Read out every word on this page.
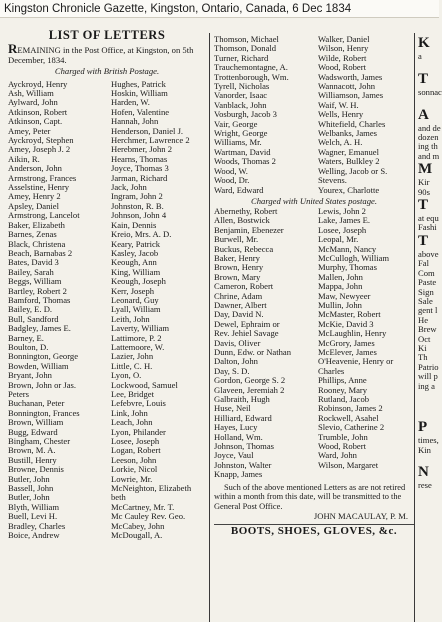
Kingston Chronicle Gazette, Kingston, Ontario, Canada, 6 Dec 1834
LIST OF LETTERS
REMAINING in the Post Office, at Kingston, on 5th December, 1834.
Charged with British Postage.
Ayckroyd, Henry	Hughes, Patrick
Ash, William	Hoskin, William
Aylward, John	Harden, W.
Atkinson, Robert	Hofen, Valentine
Atkinson, Capt.	Hannah, John
Amey, Peter	Henderson, Daniel J.
Ayckroyd, Stephen	Herchmer, Lawrence 2
Amey, Joseph J. 2	Herebmer, John 2
Aikin, R.	Hearns, Thomas
Anderson, John	Joyce, Thomas 3
Armstrong, Frances	Jarman, Richard
Asselstine, Henry	Jack, John
Amey, Henry 2	Ingram, John 2
Apsley, Daniel	Johnston, R. B.
Armstrong, Lancelot	Johnson, John 4
Baker, Elizabeth	Kain, Dennis
Barnes, Zenas	Kreio, Mrs. A. D.
Black, Christena	Keary, Patrick
Beach, Barnabas 2	Kasley, Jacob
Bates, David 3	Keough, Ann
Bailey, Sarah	King, William
Beggs, William	Keough, Joseph
Bartley, Robert 2	Kerr, Joseph
Bamford, Thomas	Leonard, Guy
Bailey, E. D.	Lyall, William
Bull, Sandford	Leith, John
Badgley, James E.	Laverty, William
Barney, E.	Lattimore, P. 2
Boulton, D.	Lattemoore, W.
Bonnington, George	Lazier, John
Bowden, William	Little, C. H.
Bryant, John	Lyon, O.
Brown, John or Jas.	Lockwood, Samuel
Peters	Lee, Bridget
Buchanan, Peter	Lefebvre, Louis
Bonnington, Frances	Link, John
Brown, William	Leach, John
Bugg, Edward	Lyon, Philander
Bingham, Chester	Losee, Joseph
Brown, M. A.	Logan, Robert
Bustill, Henry	Leeson, John
Browne, Dennis	Lorkie, Nicol
Butler, John	Lowrie, Mr.
Bassell, John	McNeighton, Elizabeth
Butler, John	beth
Blyth, William	McCartney, Mr. T.
Buell, Levi H.	Mc Cauley Rev. Geo.
Bradley, Charles	McCabey, John
Boice, Andrew	McDougall, A.
Thomson, Michael	Walker, Daniel
Thomson, Donald	Wilson, Henry
Turner, Richard	Wilde, Robert
Trauchemontagne, A.	Wood, Robert
Trottenborough, Wm.	Wadsworth, James
Tyrell, Nicholas	Wannacott, John
Vanorder, Isaac	Williamson, James
Vanblack, John	Waif, W. H.
Vosburgh, Jacob 3	Wells, Henry
Vair, George	Whitefield, Charles
Wright, George	Welbanks, James
Williams, Mr.	Welch, A. H.
Wartman, David	Wagner, Emanuel
Woods, Thomas 2	Waters, Bulkley 2
Wood, W.	Welling, Jacob or S.
Wood, Dr.	Stevens.
Ward, Edward	Yourex, Charlotte
Charged with United States postage.
Abernethy, Robert	Lewis, John 2
Allen, Bostwick	Lake, James E.
Benjamin, Ebenezer	Losee, Joseph
Burwell, Mr.	Leopal, Mr.
Buckus, Rebecca	McMann, Nancy
Baker, Henry	McCullogh, William
Brown, Henry	Murphy, Thomas
Brown, Mary	Mallen, John
Cameron, Robert	Mappa, John
Chrine, Adam	Maw, Newyeer
Dawner, Albert	Mullin, John
Day, David N.	McMaster, Robert
Dewel, Ephraim or	McKie, David 3
Rev. Jehiel Savage	McLaughlin, Henry
Davis, Oliver	McGrory, James
Dunn, Edw. or Nathan	McElever, James
Dalton, John	O'Heavenie, Henry or
Day, S. D.	Charles
Gordon, George S. 2	Phillips, Anne
Glaveen, Jeremiah 2	Rooney, Mary
Galbraith, Hugh	Rutland, Jacob
Huse, Neil	Robinson, James 2
Hilliard, Edward	Rockwell, Asahel
Hayes, Lucy	Slevio, Catherine 2
Holland, Wm.	Trumble, John
Johnson, Thomas	Wood, Robert
Joyce, Vaul	Ward, John
Johnston, Walter	Wilson, Margaret
Knapp, James
Such of the above mentioned Letters as are not retired within a month from this date, will be transmitted to the General Post Office.
JOHN MACAULAY, P. M.
BOOTS, SHOES, GLOVES, &c.
K
a
T
sonnac
A
and de
dozen
ing th
and m
M
Kir
90s
T
at equ
Fashi
T
above
Fal
Com
Paste
Sign
Sale
gent l
He
Brew
Oct
Ki
Th
Patrio
will p
ing a
P
times,
Kin
N
rese
